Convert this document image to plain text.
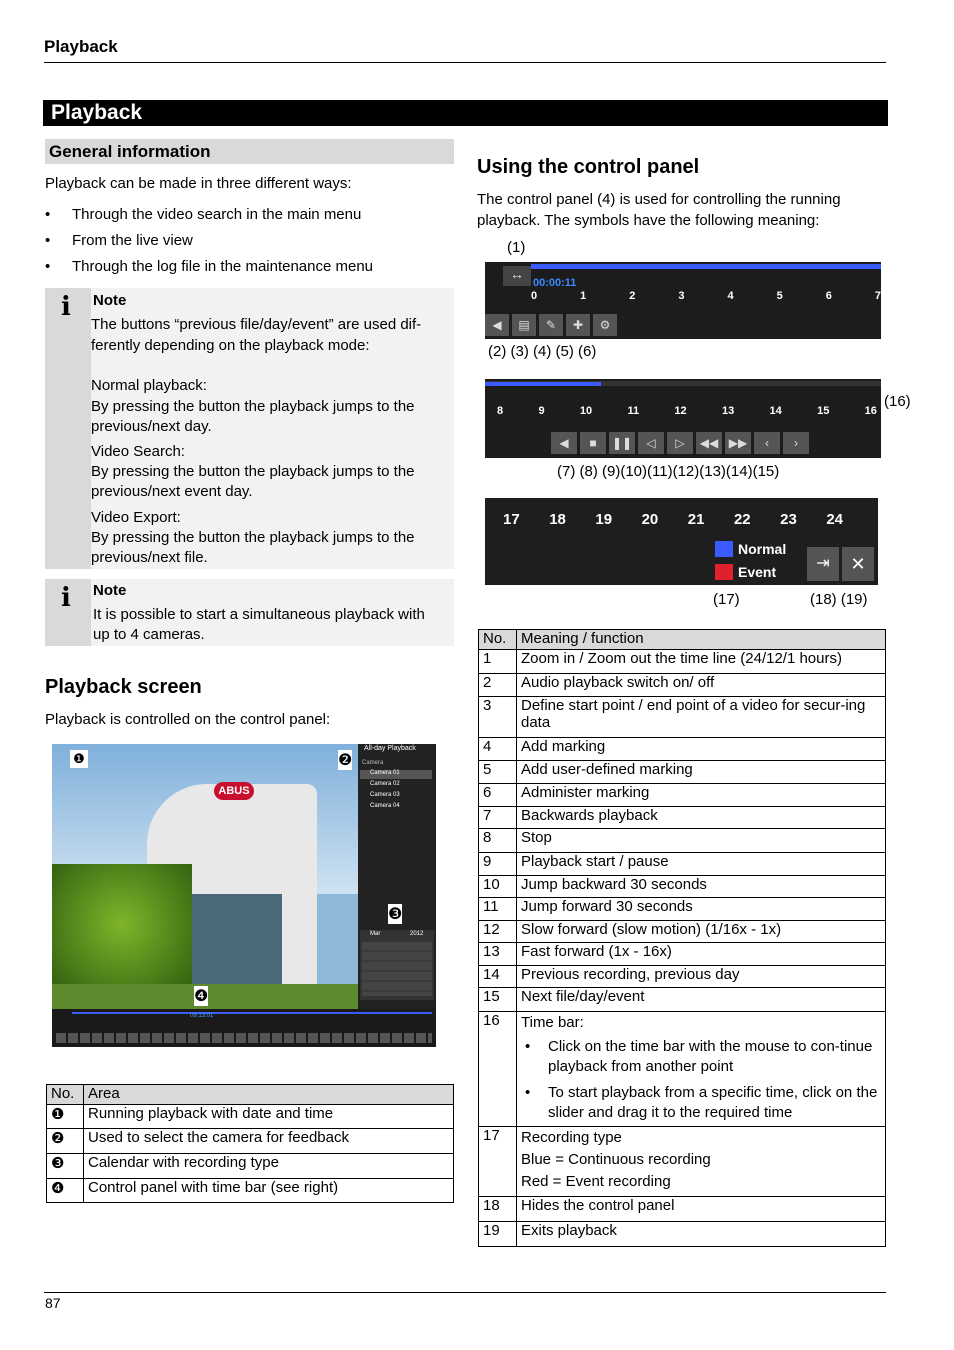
Playback
Playback
General information
Playback can be made in three different ways:
• Through the video search in the main menu
• From the live view
• Through the log file in the maintenance menu
i Note
The buttons “previous file/day/event” are used dif-
ferently depending on the playback mode:
Normal playback:
By pressing the button the playback jumps to the
previous/next day.
Video Search:
By pressing the button the playback jumps to the
previous/next event day.
Video Export:
By pressing the button the playback jumps to the
previous/next file.
i Note
It is possible to start a simultaneous playback with
up to 4 cameras.
Playback screen
Playback is controlled on the control panel:
ABUS
❶	❷
❹
All-day Playback
Camera
Camera 01
Camera 02
Camera 03
Camera 04
❸
Mar	2012
09:13:01
No.	Area
❶	Running playback with date and time
❷	Used to select the camera for feedback
❸	Calendar with recording type
❹	Control panel with time bar (see right)
Using the control panel
The control panel (4) is used for controlling the running
playback. The symbols have the following meaning:
(1)
↔
00:00:11
0	1	2	3	4	5	6	7
◀	▤	✎	✚	⚙
(2) (3) (4) (5) (6)
8	9	10	11	12	13	14	15	16
◀	■	❚❚	◁	▷	◀◀ ▶▶	‹	›
(16)
(7) (8) (9)(10)(11)(12)(13)(14)(15)
17 18 19 20 21 22 23 24
Normal
Event	⇥	✕
(17)	(18) (19)
No.	Meaning / function
1	Zoom in / Zoom out the time line (24/12/1 hours)
2	Audio playback switch on/ off
3	Define start point / end point of a video for secur-ing data
4	Add marking
5	Add user-defined marking
6	Administer marking
7	Backwards playback
8	Stop
9	Playback start / pause
10	Jump backward 30 seconds
11	Jump forward 30 seconds
12	Slow forward (slow motion) (1/16x - 1x)
13	Fast forward (1x - 16x)
14	Previous recording, previous day
15	Next file/day/event
16	Time bar:
• Click on the time bar with the mouse to con-tinue playback from another point
• To start playback from a specific time, click on the slider and drag it to the required time

17	Recording type
Blue = Continuous recording
Red = Event recording

18	Hides the control panel
19	Exits playback
87
